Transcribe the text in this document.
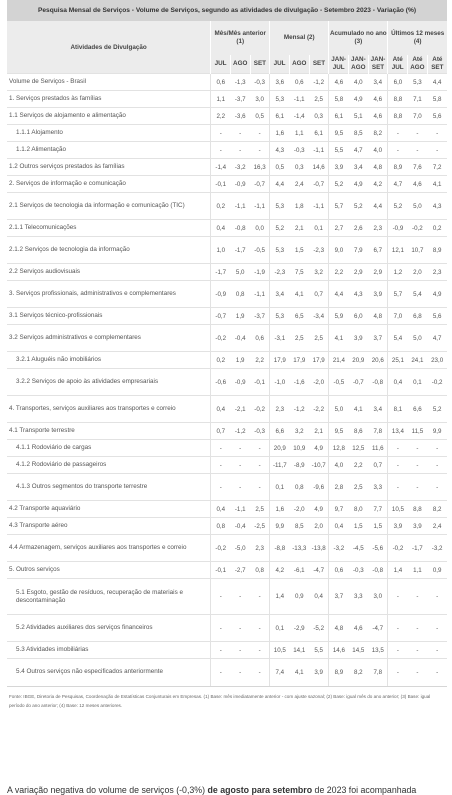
Pesquisa Mensal de Serviços - Volume de Serviços, segundo as atividades de divulgação - Setembro 2023 - Variação (%)												
Atividades de Divulgação	Mês/Mês anterior (1)			Mensal (2)			Acumulado no ano (3)			Últimos 12 meses (4)		
	JUL	AGO	SET	JUL	AGO	SET	JAN-JUL	JAN-AGO	JAN-SET	Até JUL	Até AGO	Até SET
Volume de Serviços - Brasil	0,6	-1,3	-0,3	3,6	0,6	-1,2	4,6	4,0	3,4	6,0	5,3	4,4
1. Serviços prestados às famílias	1,1	-3,7	3,0	5,3	-1,1	2,5	5,8	4,9	4,6	8,8	7,1	5,8
1.1 Serviços de alojamento e alimentação	2,2	-3,6	0,5	6,1	-1,4	0,3	6,1	5,1	4,6	8,8	7,0	5,6
1.1.1 Alojamento	-	-	-	1,6	1,1	6,1	9,5	8,5	8,2	-	-	-
1.1.2 Alimentação	-	-	-	4,3	-0,3	-1,1	5,5	4,7	4,0	-	-	-
1.2 Outros serviços prestados às famílias	-1,4	-3,2	16,3	0,5	0,3	14,6	3,9	3,4	4,8	8,9	7,6	7,2
2. Serviços de informação e comunicação	-0,1	-0,9	-0,7	4,4	2,4	-0,7	5,2	4,9	4,2	4,7	4,6	4,1
2.1 Serviços de tecnologia da informação e comunicação (TIC)	0,2	-1,1	-1,1	5,3	1,8	-1,1	5,7	5,2	4,4	5,2	5,0	4,3
2.1.1 Telecomunicações	0,4	-0,8	0,0	5,2	2,1	0,1	2,7	2,6	2,3	-0,9	-0,2	0,2
2.1.2 Serviços de tecnologia da informação	1,0	-1,7	-0,5	5,3	1,5	-2,3	9,0	7,9	6,7	12,1	10,7	8,9
2.2 Serviços audiovisuais	-1,7	5,0	-1,9	-2,3	7,5	3,2	2,2	2,9	2,9	1,2	2,0	2,3
3. Serviços profissionais, administrativos e complementares	-0,9	0,8	-1,1	3,4	4,1	0,7	4,4	4,3	3,9	5,7	5,4	4,9
3.1 Serviços técnico-profissionais	-0,7	1,9	-3,7	5,3	6,5	-3,4	5,9	6,0	4,8	7,0	6,8	5,6
3.2 Serviços administrativos e complementares	-0,2	-0,4	0,6	-3,1	2,5	2,5	4,1	3,9	3,7	5,4	5,0	4,7
3.2.1 Aluguéis não imobiliários	0,2	1,9	2,2	17,9	17,9	17,9	21,4	20,9	20,6	25,1	24,1	23,0
3.2.2 Serviços de apoio às atividades empresariais	-0,6	-0,9	-0,1	-1,0	-1,6	-2,0	-0,5	-0,7	-0,8	0,4	0,1	-0,2
4. Transportes, serviços auxiliares aos transportes e correio	0,4	-2,1	-0,2	2,3	-1,2	-2,2	5,0	4,1	3,4	8,1	6,6	5,2
4.1 Transporte terrestre	0,7	-1,2	-0,3	6,6	3,2	2,1	9,5	8,6	7,8	13,4	11,5	9,9
4.1.1 Rodoviário de cargas	-	-	-	20,9	10,9	4,9	12,8	12,5	11,6	-	-	-
4.1.2 Rodoviário de passageiros	-	-	-	-11,7	-8,9	-10,7	4,0	2,2	0,7	-	-	-
4.1.3 Outros segmentos do transporte terrestre	-	-	-	0,1	0,8	-9,6	2,8	2,5	3,3	-	-	-
4.2 Transporte aquaviário	0,4	-1,1	2,5	1,6	-2,0	4,9	9,7	8,0	7,7	10,5	8,8	8,2
4.3 Transporte aéreo	0,8	-0,4	-2,5	9,9	8,5	2,0	0,4	1,5	1,5	3,9	3,9	2,4
4.4 Armazenagem, serviços auxiliares aos transportes e correio	-0,2	-5,0	2,3	-8,8	-13,3	-13,8	-3,2	-4,5	-5,6	-0,2	-1,7	-3,2
5. Outros serviços	-0,1	-2,7	0,8	4,2	-6,1	-4,7	0,6	-0,3	-0,8	1,4	1,1	0,9
5.1 Esgoto, gestão de resíduos, recuperação de materiais e descontaminação	-	-	-	1,4	0,9	0,4	3,7	3,3	3,0	-	-	-
5.2 Atividades auxiliares dos serviços financeiros	-	-	-	0,1	-2,9	-5,2	4,8	4,6	-4,7	-	-	-
5.3 Atividades imobiliárias	-	-	-	10,5	14,1	5,5	14,6	14,5	13,5	-	-	-
5.4 Outros serviços não especificados anteriormente	-	-	-	7,4	4,1	3,9	8,9	8,2	7,8	-	-	-
Fonte: IBGE, Diretoria de Pesquisas, Coordenação de Estatísticas Conjunturais em Empresas. (1) Base: mês imediatamente anterior - com ajuste sazonal; (2) Base: igual mês do ano anterior; (3) Base: igual período do ano anterior; (4) Base: 12 meses anteriores.
A variação negativa do volume de serviços (-0,3%) de agosto para setembro de 2023 foi acompanhada
